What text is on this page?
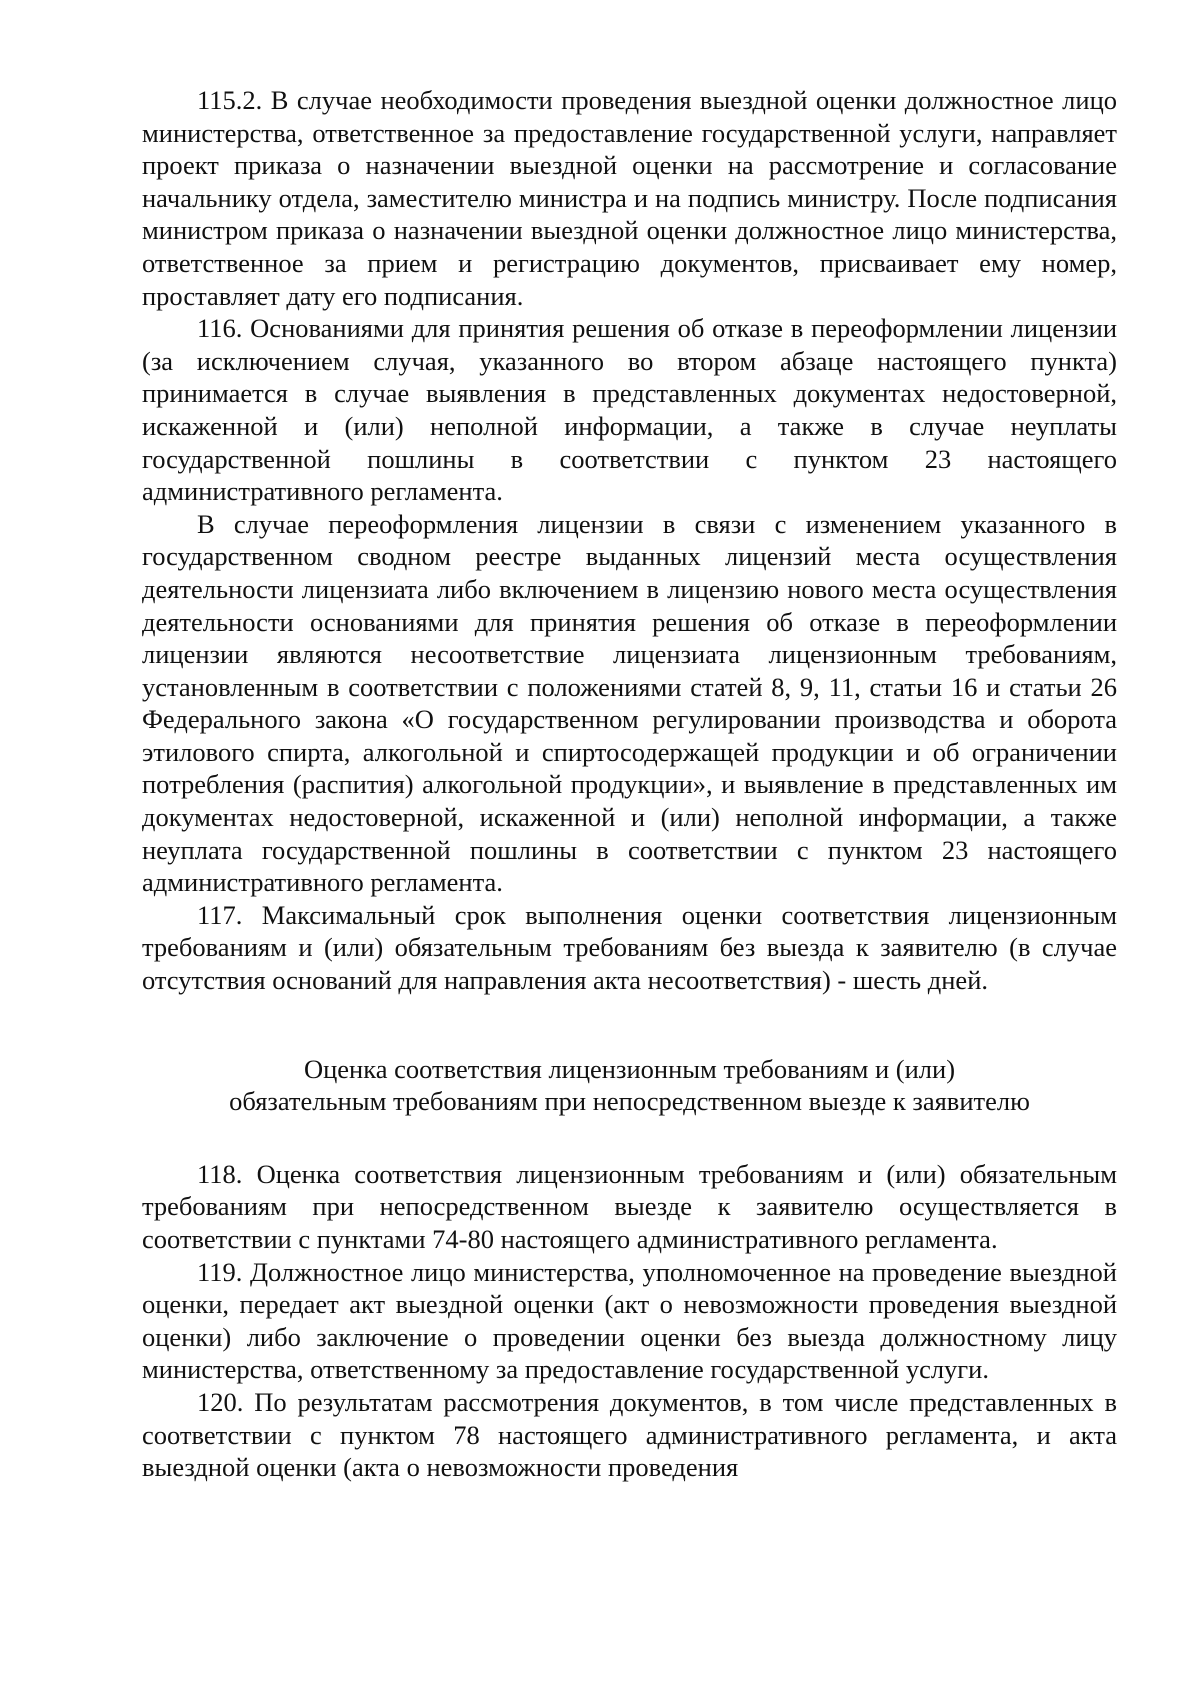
115.2. В случае необходимости проведения выездной оценки должностное лицо министерства, ответственное за предоставление государственной услуги, направляет проект приказа о назначении выездной оценки на рассмотрение и согласование начальнику отдела, заместителю министра и на подпись министру. После подписания министром приказа о назначении выездной оценки должностное лицо министерства, ответственное за прием и регистрацию документов, присваивает ему номер, проставляет дату его подписания.

116. Основаниями для принятия решения об отказе в переоформлении лицензии (за исключением случая, указанного во втором абзаце настоящего пункта) принимается в случае выявления в представленных документах недостоверной, искаженной и (или) неполной информации, а также в случае неуплаты государственной пошлины в соответствии с пунктом 23 настоящего административного регламента.

В случае переоформления лицензии в связи с изменением указанного в государственном сводном реестре выданных лицензий места осуществления деятельности лицензиата либо включением в лицензию нового места осуществления деятельности основаниями для принятия решения об отказе в переоформлении лицензии являются несоответствие лицензиата лицензионным требованиям, установленным в соответствии с положениями статей 8, 9, 11, статьи 16 и статьи 26 Федерального закона «О государственном регулировании производства и оборота этилового спирта, алкогольной и спиртосодержащей продукции и об ограничении потребления (распития) алкогольной продукции», и выявление в представленных им документах недостоверной, искаженной и (или) неполной информации, а также неуплата государственной пошлины в соответствии с пунктом 23 настоящего административного регламента.

117. Максимальный срок выполнения оценки соответствия лицензионным требованиям и (или) обязательным требованиям без выезда к заявителю (в случае отсутствия оснований для направления акта несоответствия) - шесть дней.

Оценка соответствия лицензионным требованиям и (или)
обязательным требованиям при непосредственном выезде к заявителю

118. Оценка соответствия лицензионным требованиям и (или) обязательным требованиям при непосредственном выезде к заявителю осуществляется в соответствии с пунктами 74-80 настоящего административного регламента.

119. Должностное лицо министерства, уполномоченное на проведение выездной оценки, передает акт выездной оценки (акт о невозможности проведения выездной оценки) либо заключение о проведении оценки без выезда должностному лицу министерства, ответственному за предоставление государственной услуги.

120. По результатам рассмотрения документов, в том числе представленных в соответствии с пунктом 78 настоящего административного регламента, и акта выездной оценки (акта о невозможности проведения
